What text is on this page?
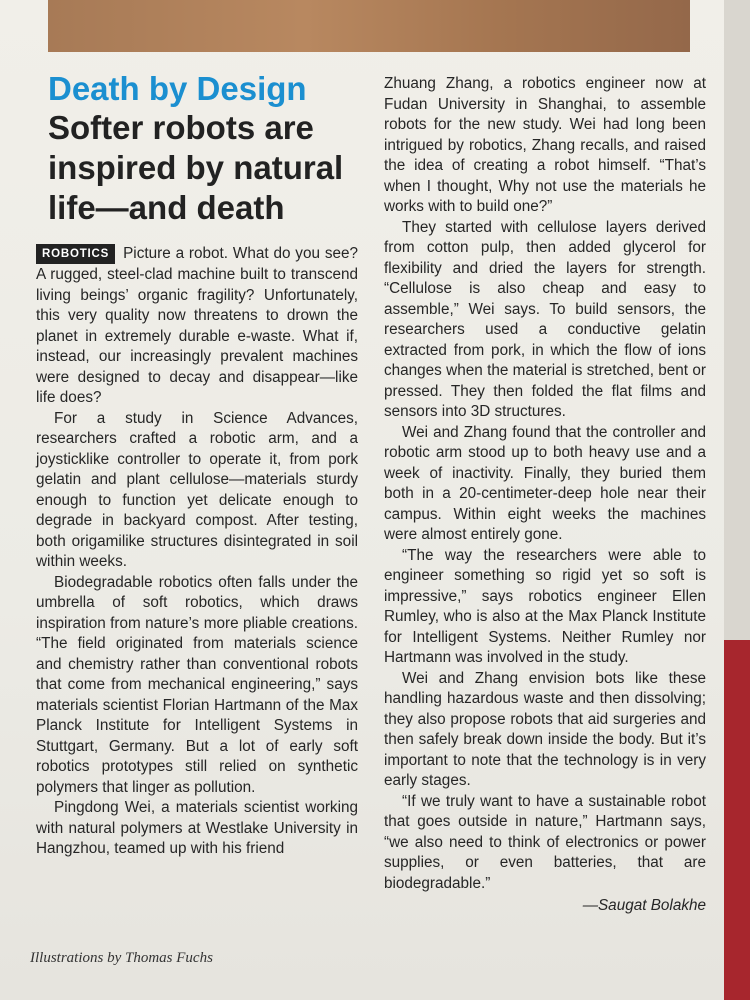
Death by Design
Softer robots are inspired by natural life—and death

ROBOTICS Picture a robot. What do you see? A rugged, steel-clad machine built to transcend living beings’ organic fragility? Unfortunately, this very quality now threatens to drown the planet in extremely durable e-waste. What if, instead, our increasingly prevalent machines were designed to decay and disappear—like life does?

For a study in Science Advances, researchers crafted a robotic arm, and a joysticklike controller to operate it, from pork gelatin and plant cellulose—materials sturdy enough to function yet delicate enough to degrade in backyard compost. After testing, both origamilike structures disintegrated in soil within weeks.

Biodegradable robotics often falls under the umbrella of soft robotics, which draws inspiration from nature’s more pliable creations. “The field originated from materials science and chemistry rather than conventional robots that come from mechanical engineering,” says materials scientist Florian Hartmann of the Max Planck Institute for Intelligent Systems in Stuttgart, Germany. But a lot of early soft robotics prototypes still relied on synthetic polymers that linger as pollution.

Pingdong Wei, a materials scientist working with natural polymers at Westlake University in Hangzhou, teamed up with his friend

Zhuang Zhang, a robotics engineer now at Fudan University in Shanghai, to assemble robots for the new study. Wei had long been intrigued by robotics, Zhang recalls, and raised the idea of creating a robot himself. “That’s when I thought, Why not use the materials he works with to build one?”

They started with cellulose layers derived from cotton pulp, then added glycerol for flexibility and dried the layers for strength. “Cellulose is also cheap and easy to assemble,” Wei says. To build sensors, the researchers used a conductive gelatin extracted from pork, in which the flow of ions changes when the material is stretched, bent or pressed. They then folded the flat films and sensors into 3D structures.

Wei and Zhang found that the controller and robotic arm stood up to both heavy use and a week of inactivity. Finally, they buried them both in a 20-centimeter-deep hole near their campus. Within eight weeks the machines were almost entirely gone.

“The way the researchers were able to engineer something so rigid yet so soft is impressive,” says robotics engineer Ellen Rumley, who is also at the Max Planck Institute for Intelligent Systems. Neither Rumley nor Hartmann was involved in the study.

Wei and Zhang envision bots like these handling hazardous waste and then dissolving; they also propose robots that aid surgeries and then safely break down inside the body. But it’s important to note that the technology is in very early stages.

“If we truly want to have a sustainable robot that goes outside in nature,” Hartmann says, “we also need to think of electronics or power supplies, or even batteries, that are biodegradable.”

—Saugat Bolakhe
Illustrations by Thomas Fuchs
